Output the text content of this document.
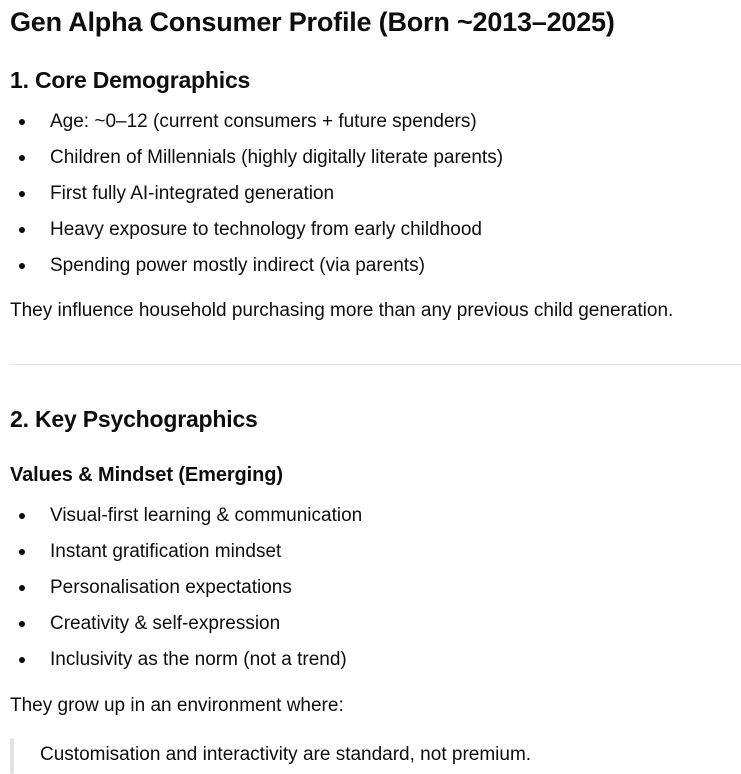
Gen Alpha Consumer Profile (Born ~2013–2025)
1. Core Demographics
Age: ~0–12 (current consumers + future spenders)
Children of Millennials (highly digitally literate parents)
First fully AI-integrated generation
Heavy exposure to technology from early childhood
Spending power mostly indirect (via parents)
They influence household purchasing more than any previous child generation.
2. Key Psychographics
Values & Mindset (Emerging)
Visual-first learning & communication
Instant gratification mindset
Personalisation expectations
Creativity & self-expression
Inclusivity as the norm (not a trend)
They grow up in an environment where:
Customisation and interactivity are standard, not premium.
